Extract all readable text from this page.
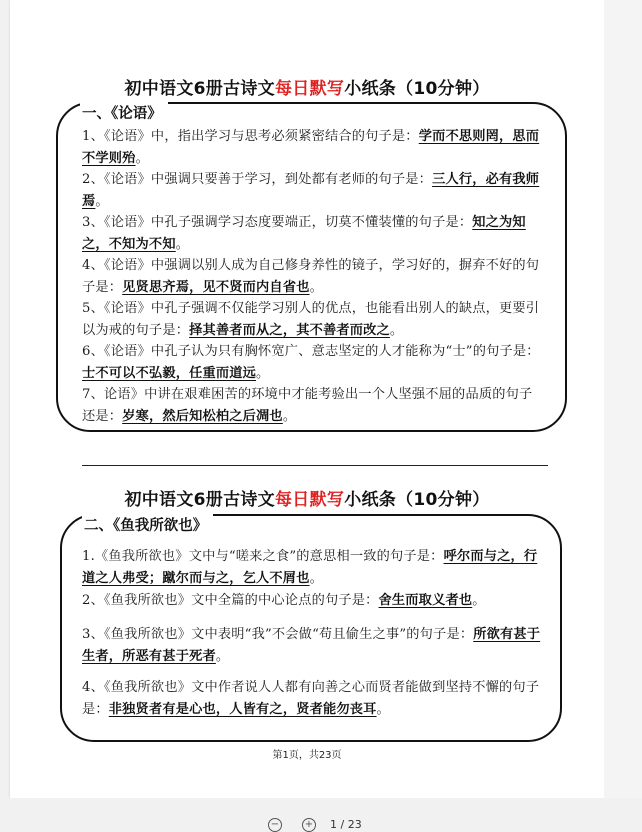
初中语文6册古诗文每日默写小纸条（10分钟）
一、《论语》
1、《论语》中，指出学习与思考必须紧密结合的句子是：学而不思则罔，思而不学则殆。
2、《论语》中强调只要善于学习，到处都有老师的句子是：三人行，必有我师焉。
3、《论语》中孔子强调学习态度要端正，切莫不懂装懂的句子是：知之为知之，不知为不知。
4、《论语》中强调以别人成为自己修身养性的镜子，学习好的，摒弃不好的句子是：见贤思齐焉，见不贤而内自省也。
5、《论语》中孔子强调不仅能学习别人的优点，也能看出别人的缺点，更要引以为戒的句子是：择其善者而从之，其不善者而改之。
6、《论语》中孔子认为只有胸怀宽广、意志坚定的人才能称为“士”的句子是：士不可以不弘毅，任重而道远。
7、论语》中讲在艰难困苦的环境中才能考验出一个人坚强不屈的品质的句子还是：岁寒，然后知松柏之后凋也。
初中语文6册古诗文每日默写小纸条（10分钟）
二、《鱼我所欲也》
1.《鱼我所欲也》文中与“嗟来之食”的意思相一致的句子是：呼尔而与之，行道之人弗受；蹴尔而与之，乞人不屑也。
2、《鱼我所欲也》文中全篇的中心论点的句子是：舍生而取义者也。
3、《鱼我所欲也》文中表明“我”不会做“苟且偷生之事”的句子是：所欲有甚于生者，所恶有甚于死者。
4、《鱼我所欲也》文中作者说人人都有向善之心而贤者能做到坚持不懈的句子是：非独贤者有是心也，人皆有之，贤者能勿丧耳。
第1页，共23页
−	+ 1 / 23
